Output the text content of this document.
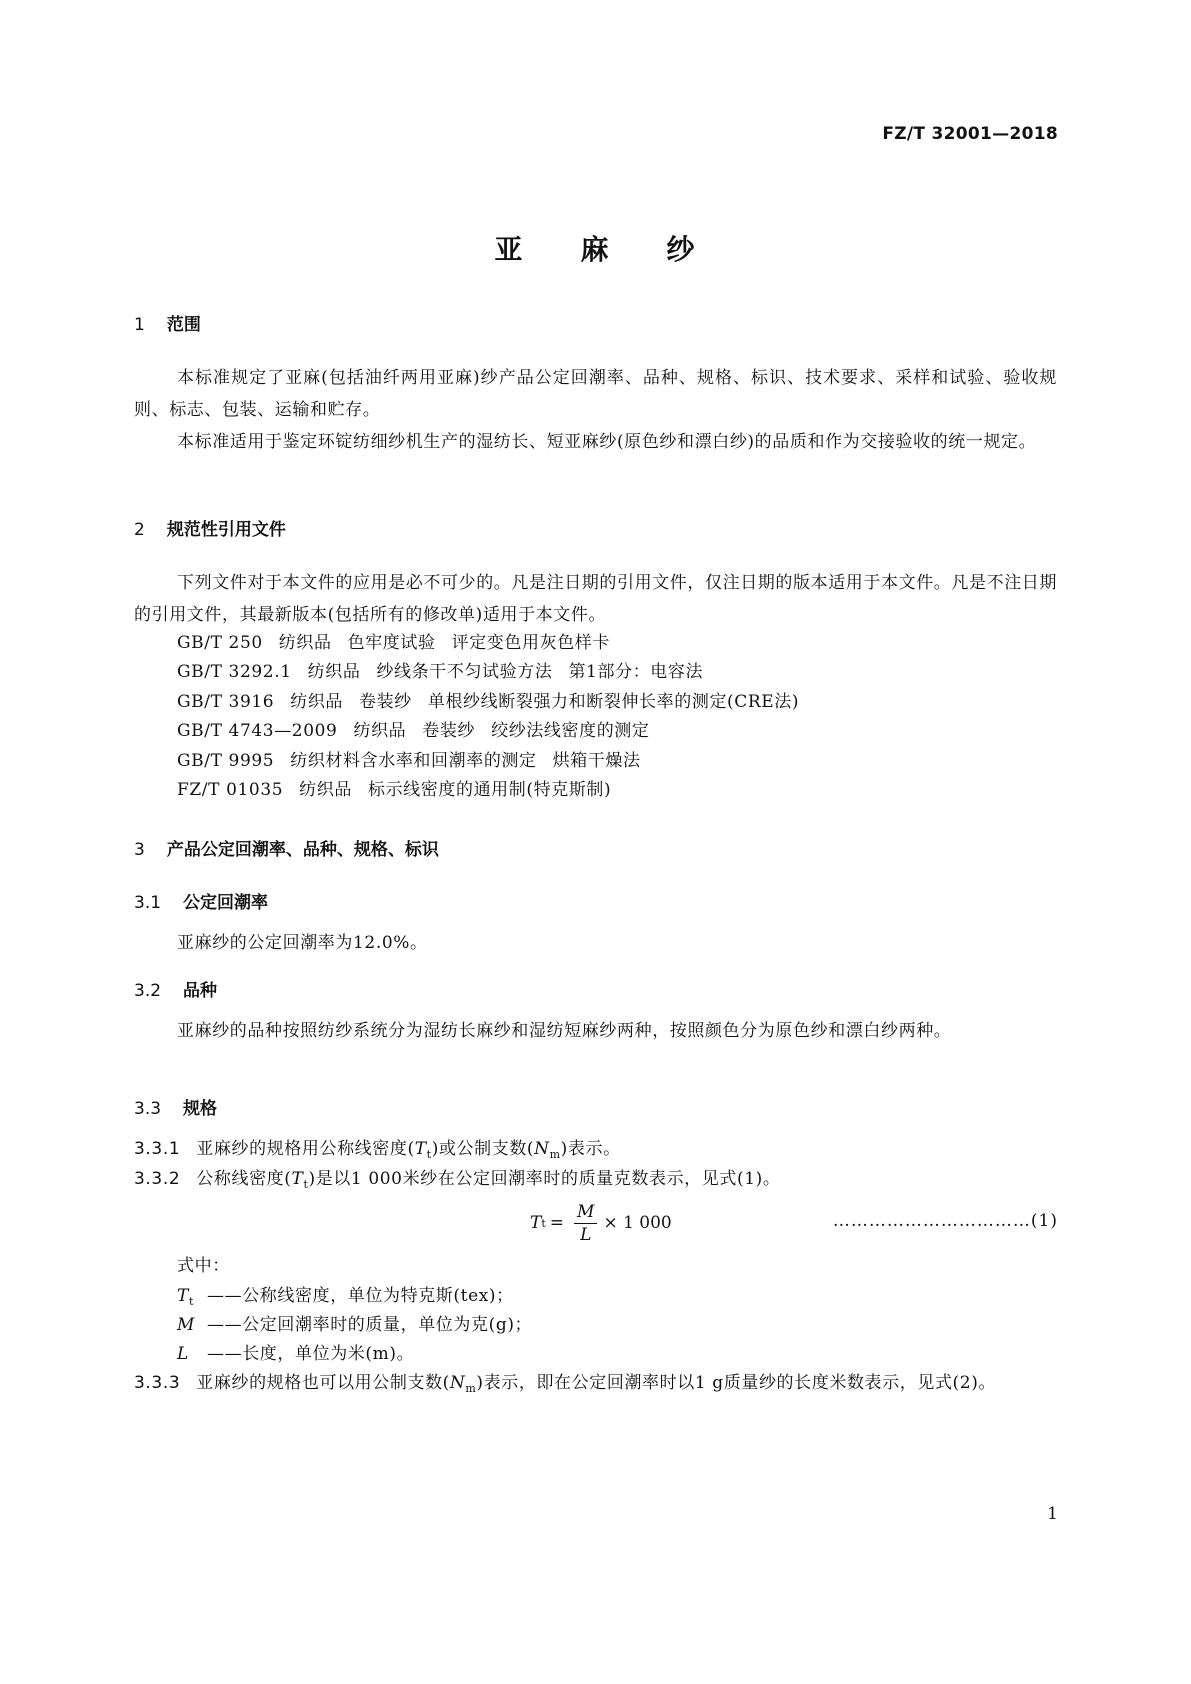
FZ/T 32001—2018
亚 麻 纱
1 范围
本标准规定了亚麻(包括油纤两用亚麻)纱产品公定回潮率、品种、规格、标识、技术要求、采样和试验、验收规则、标志、包装、运输和贮存。
本标准适用于鉴定环锭纺细纱机生产的湿纺长、短亚麻纱(原色纱和漂白纱)的品质和作为交接验收的统一规定。
2 规范性引用文件
下列文件对于本文件的应用是必不可少的。凡是注日期的引用文件，仅注日期的版本适用于本文件。凡是不注日期的引用文件，其最新版本(包括所有的修改单)适用于本文件。
GB/T 250 纺织品 色牢度试验 评定变色用灰色样卡
GB/T 3292.1 纺织品 纱线条干不匀试验方法 第1部分：电容法
GB/T 3916 纺织品 卷装纱 单根纱线断裂强力和断裂伸长率的测定(CRE法)
GB/T 4743—2009 纺织品 卷装纱 绞纱法线密度的测定
GB/T 9995 纺织材料含水率和回潮率的测定 烘箱干燥法
FZ/T 01035 纺织品 标示线密度的通用制(特克斯制)
3 产品公定回潮率、品种、规格、标识
3.1 公定回潮率
亚麻纱的公定回潮率为12.0%。
3.2 品种
亚麻纱的品种按照纺纱系统分为湿纺长麻纱和湿纺短麻纱两种，按照颜色分为原色纱和漂白纱两种。
3.3 规格
3.3.1 亚麻纱的规格用公称线密度$(T_t)$或公制支数$(N_m)$表示。
3.3.2 公称线密度$(T_t)$是以1 000米纱在公定回潮率时的质量克数表示，见式(1)。
T $t = \frac{M}{L} \times 1$ 000	……………………………(1)
式中：
$T_t$ ——公称线密度，单位为特克斯(tex)；
M ——公定回潮率时的质量，单位为克(g)；
L ——长度，单位为米(m)。
3.3.3 亚麻纱的规格也可以用公制支数$(N_m)$表示，即在公定回潮率时以1 g质量纱的长度米数表示，见式(2)。
1
